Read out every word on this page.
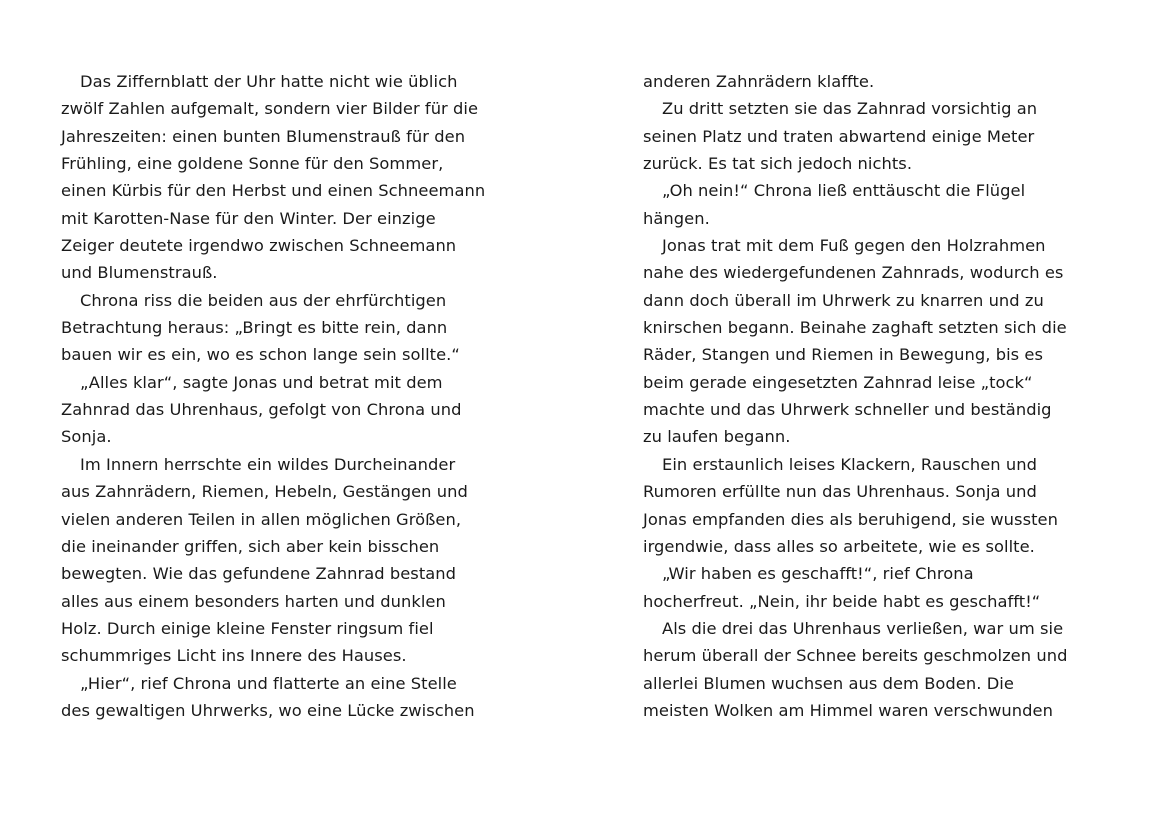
Das Ziffernblatt der Uhr hatte nicht wie üblich
zwölf Zahlen aufgemalt, sondern vier Bilder für die
Jahreszeiten: einen bunten Blumenstrauß für den
Frühling, eine goldene Sonne für den Sommer,
einen Kürbis für den Herbst und einen Schneemann
mit Karotten-Nase für den Winter. Der einzige
Zeiger deutete irgendwo zwischen Schneemann
und Blumenstrauß.
Chrona riss die beiden aus der ehrfürchtigen
Betrachtung heraus: „Bringt es bitte rein, dann
bauen wir es ein, wo es schon lange sein sollte.“
„Alles klar“, sagte Jonas und betrat mit dem
Zahnrad das Uhrenhaus, gefolgt von Chrona und
Sonja.
Im Innern herrschte ein wildes Durcheinander
aus Zahnrädern, Riemen, Hebeln, Gestängen und
vielen anderen Teilen in allen möglichen Größen,
die ineinander griffen, sich aber kein bisschen
bewegten. Wie das gefundene Zahnrad bestand
alles aus einem besonders harten und dunklen
Holz. Durch einige kleine Fenster ringsum fiel
schummriges Licht ins Innere des Hauses.
„Hier“, rief Chrona und flatterte an eine Stelle
des gewaltigen Uhrwerks, wo eine Lücke zwischen
anderen Zahnrädern klaffte.
Zu dritt setzten sie das Zahnrad vorsichtig an
seinen Platz und traten abwartend einige Meter
zurück. Es tat sich jedoch nichts.
„Oh nein!“ Chrona ließ enttäuscht die Flügel
hängen.
Jonas trat mit dem Fuß gegen den Holzrahmen
nahe des wiedergefundenen Zahnrads, wodurch es
dann doch überall im Uhrwerk zu knarren und zu
knirschen begann. Beinahe zaghaft setzten sich die
Räder, Stangen und Riemen in Bewegung, bis es
beim gerade eingesetzten Zahnrad leise „tock“
machte und das Uhrwerk schneller und beständig
zu laufen begann.
Ein erstaunlich leises Klackern, Rauschen und
Rumoren erfüllte nun das Uhrenhaus. Sonja und
Jonas empfanden dies als beruhigend, sie wussten
irgendwie, dass alles so arbeitete, wie es sollte.
„Wir haben es geschafft!“, rief Chrona
hocherfreut. „Nein, ihr beide habt es geschafft!“
Als die drei das Uhrenhaus verließen, war um sie
herum überall der Schnee bereits geschmolzen und
allerlei Blumen wuchsen aus dem Boden. Die
meisten Wolken am Himmel waren verschwunden
